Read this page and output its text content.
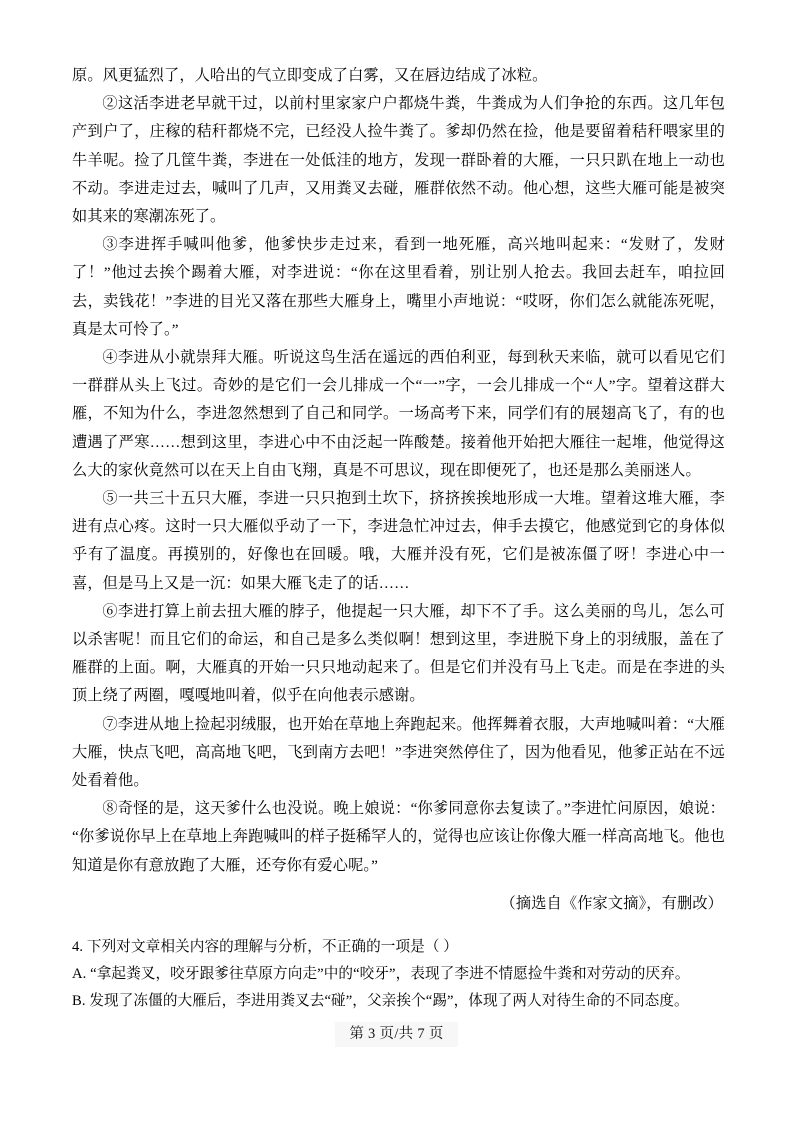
原。风更猛烈了，人哈出的气立即变成了白雾，又在唇边结成了冰粒。

②这活李进老早就干过，以前村里家家户户都烧牛粪，牛粪成为人们争抢的东西。这几年包产到户了，庄稼的秸秆都烧不完，已经没人捡牛粪了。爹却仍然在捡，他是要留着秸秆喂家里的牛羊呢。捡了几筐牛粪，李进在一处低洼的地方，发现一群卧着的大雁，一只只趴在地上一动也不动。李进走过去，喊叫了几声，又用粪叉去碰，雁群依然不动。他心想，这些大雁可能是被突如其来的寒潮冻死了。

③李进挥手喊叫他爹，他爹快步走过来，看到一地死雁，高兴地叫起来：“发财了，发财了！”他过去挨个踢着大雁，对李进说：“你在这里看着，别让别人抢去。我回去赶车，咱拉回去，卖钱花！”李进的目光又落在那些大雁身上，嘴里小声地说：“哎呀，你们怎么就能冻死呢，真是太可怜了。”

④李进从小就崇拜大雁。听说这鸟生活在遥远的西伯利亚，每到秋天来临，就可以看见它们一群群从头上飞过。奇妙的是它们一会儿排成一个“一”字，一会儿排成一个“人”字。望着这群大雁，不知为什么，李进忽然想到了自己和同学。一场高考下来，同学们有的展翅高飞了，有的也遭遇了严寒……想到这里，李进心中不由泛起一阵酸楚。接着他开始把大雁往一起堆，他觉得这么大的家伙竟然可以在天上自由飞翔，真是不可思议，现在即便死了，也还是那么美丽迷人。

⑤一共三十五只大雁，李进一只只抱到土坎下，挤挤挨挨地形成一大堆。望着这堆大雁，李进有点心疼。这时一只大雁似乎动了一下，李进急忙冲过去，伸手去摸它，他感觉到它的身体似乎有了温度。再摸别的，好像也在回暖。哦，大雁并没有死，它们是被冻僵了呀！李进心中一喜，但是马上又是一沉：如果大雁飞走了的话……

⑥李进打算上前去扭大雁的脖子，他提起一只大雁，却下不了手。这么美丽的鸟儿，怎么可以杀害呢！而且它们的命运，和自己是多么类似啊！想到这里，李进脱下身上的羽绒服，盖在了雁群的上面。啊，大雁真的开始一只只地动起来了。但是它们并没有马上飞走。而是在李进的头顶上绕了两圈，嘎嘎地叫着，似乎在向他表示感谢。

⑦李进从地上捡起羽绒服，也开始在草地上奔跑起来。他挥舞着衣服，大声地喊叫着：“大雁大雁，快点飞吧，高高地飞吧，飞到南方去吧！”李进突然停住了，因为他看见，他爹正站在不远处看着他。

⑧奇怪的是，这天爹什么也没说。晚上娘说：“你爹同意你去复读了。”李进忙问原因，娘说：“你爹说你早上在草地上奔跑喊叫的样子挺稀罕人的，觉得也应该让你像大雁一样高高地飞。他也知道是你有意放跑了大雁，还夸你有爱心呢。”

（摘选自《作家文摘》，有删改）

4. 下列对文章相关内容的理解与分析，不正确的一项是（ ）

A. “拿起粪叉，咬牙跟爹往草原方向走”中的“咬牙”，表现了李进不情愿捡牛粪和对劳动的厌弃。

B. 发现了冻僵的大雁后，李进用粪叉去“碰”，父亲挨个“踢”，体现了两人对待生命的不同态度。

第 3 页/共 7 页
